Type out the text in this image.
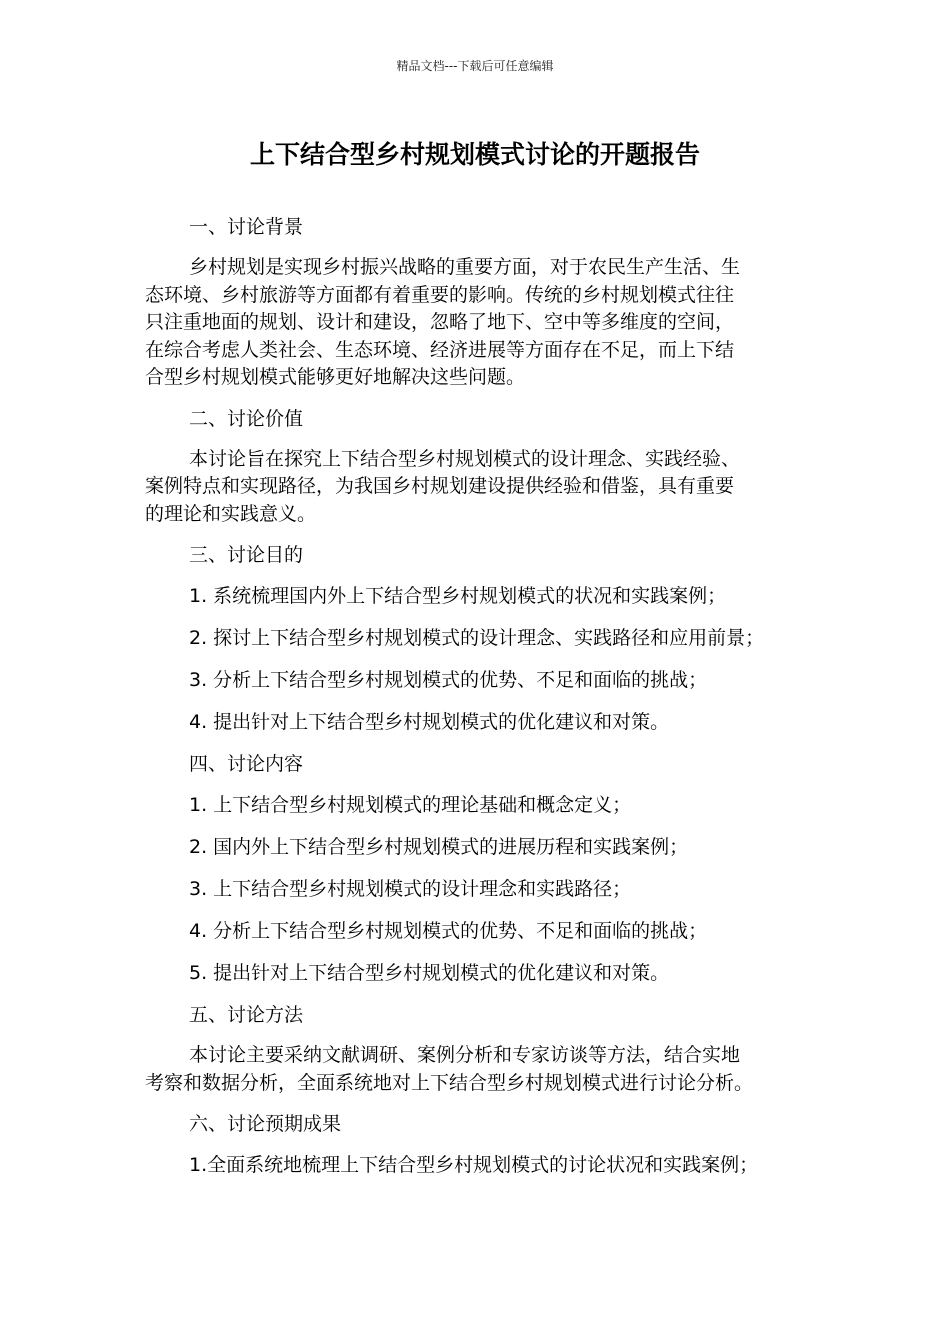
精品文档---下载后可任意编辑
上下结合型乡村规划模式讨论的开题报告

一、讨论背景

乡村规划是实现乡村振兴战略的重要方面，对于农民生产生活、生
态环境、乡村旅游等方面都有着重要的影响。传统的乡村规划模式往往
只注重地面的规划、设计和建设，忽略了地下、空中等多维度的空间，
在综合考虑人类社会、生态环境、经济进展等方面存在不足，而上下结
合型乡村规划模式能够更好地解决这些问题。

二、讨论价值

本讨论旨在探究上下结合型乡村规划模式的设计理念、实践经验、
案例特点和实现路径，为我国乡村规划建设提供经验和借鉴，具有重要
的理论和实践意义。

三、讨论目的

1. 系统梳理国内外上下结合型乡村规划模式的状况和实践案例；

2. 探讨上下结合型乡村规划模式的设计理念、实践路径和应用前景；

3. 分析上下结合型乡村规划模式的优势、不足和面临的挑战；

4. 提出针对上下结合型乡村规划模式的优化建议和对策。

四、讨论内容

1. 上下结合型乡村规划模式的理论基础和概念定义；

2. 国内外上下结合型乡村规划模式的进展历程和实践案例；

3. 上下结合型乡村规划模式的设计理念和实践路径；

4. 分析上下结合型乡村规划模式的优势、不足和面临的挑战；

5. 提出针对上下结合型乡村规划模式的优化建议和对策。

五、讨论方法

本讨论主要采纳文献调研、案例分析和专家访谈等方法，结合实地
考察和数据分析，全面系统地对上下结合型乡村规划模式进行讨论分析。

六、讨论预期成果

1.全面系统地梳理上下结合型乡村规划模式的讨论状况和实践案例；
